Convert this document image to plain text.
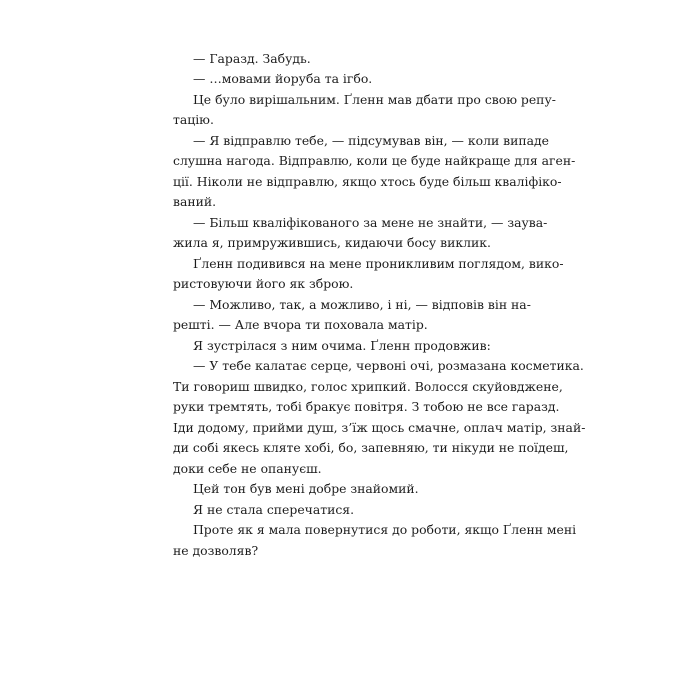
— Гаразд. Забудь.
— …мовами йоруба та ігбо.
Це було вирішальним. Ґленн мав дбати про свою репу-
тацію.
— Я відправлю тебе, — підсумував він, — коли випаде
слушна нагода. Відправлю, коли це буде найкраще для аген-
ції. Ніколи не відправлю, якщо хтось буде більш кваліфіко-
ваний.
— Більш кваліфікованого за мене не знайти, — заува-
жила я, примружившись, кидаючи босу виклик.
Ґленн подивився на мене проникливим поглядом, вико-
ристовуючи його як зброю.
— Можливо, так, а можливо, і ні, — відповів він на-
решті. — Але вчора ти поховала матір.
Я зустрілася з ним очима. Ґленн продовжив:
— У тебе калатає серце, червоні очі, розмазана косметика.
Ти говориш швидко, голос хрипкий. Волосся скуйовджене,
руки тремтять, тобі бракує повітря. З тобою не все гаразд.
Іди додому, прийми душ, з’їж щось смачне, оплач матір, знай-
ди собі якесь кляте хобі, бо, запевняю, ти нікуди не поїдеш,
доки себе не опануєш.
Цей тон був мені добре знайомий.
Я не стала сперечатися.
Проте як я мала повернутися до роботи, якщо Ґленн мені
не дозволяв?
